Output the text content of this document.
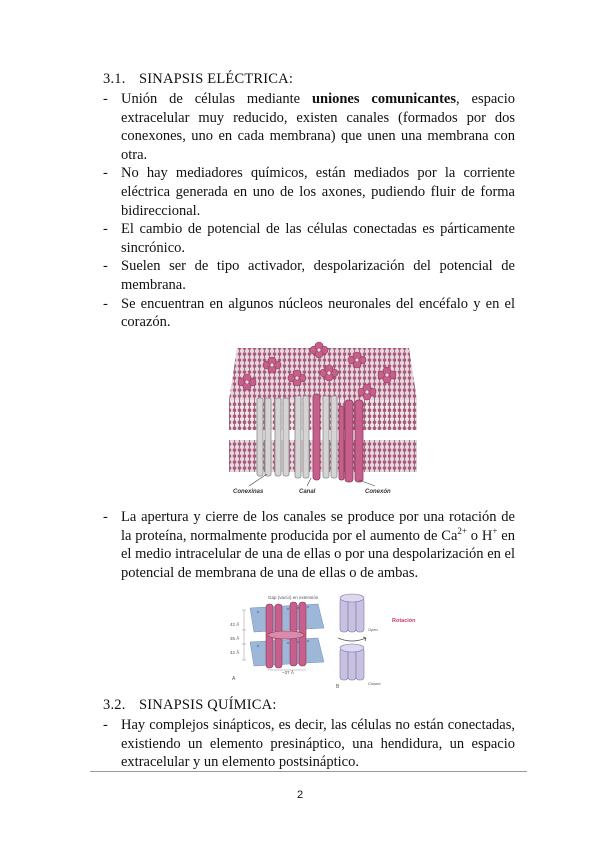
3.1. SINAPSIS ELÉCTRICA:
- Unión de células mediante uniones comunicantes, espacio extracelular muy reducido, existen canales (formados por dos conexones, uno en cada membrana) que unen una membrana con otra.
- No hay mediadores químicos, están mediados por la corriente eléctrica generada en uno de los axones, pudiendo fluir de forma bidireccional.
- El cambio de potencial de las células conectadas es párticamente sincrónico.
- Suelen ser de tipo activador, despolarización del potencial de membrana.
- Se encuentran en algunos núcleos neuronales del encéfalo y en el corazón.
Conexinas	Canal	Conexón
- La apertura y cierre de los canales se produce por una rotación de la proteína, normalmente producida por el aumento de $Ca^{2+}$ o H+ en el medio intracelular de una de ellas o por una despolarización en el potencial de membrana de una de ellas o de ambas.
Gap (vacío) en extensión
42 Å
35 Å
42 Å
~37 Å
A
B
Rotación
Open
Closed
3.2. SINAPSIS QUÍMICA:
- Hay complejos sinápticos, es decir, las células no están conectadas, existiendo un elemento presináptico, una hendidura, un espacio extracelular y un elemento postsináptico.
2
